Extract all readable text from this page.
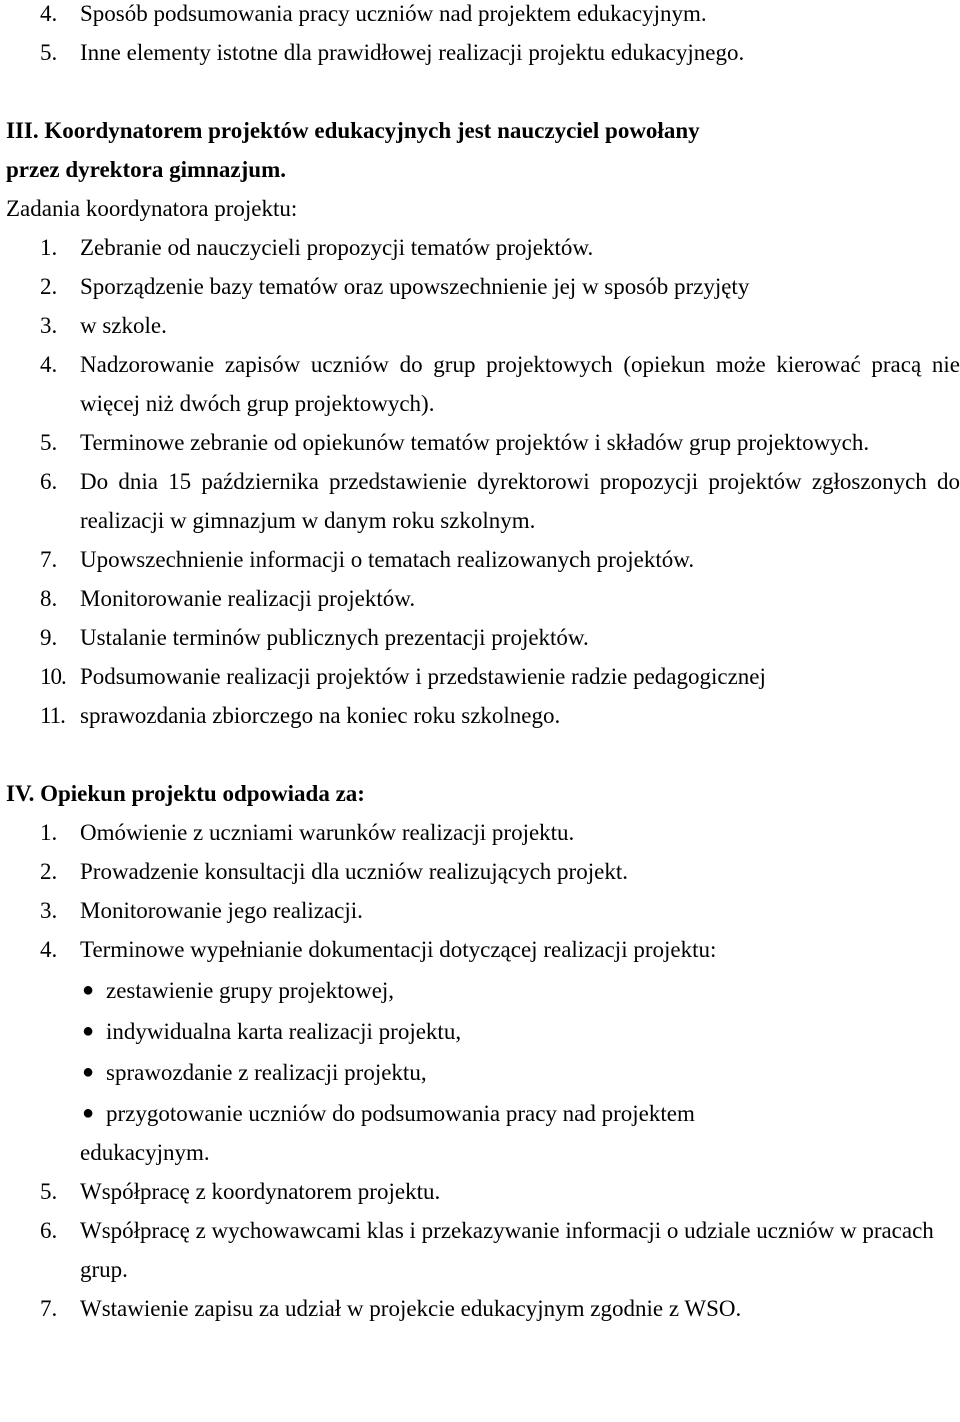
4. Sposób podsumowania pracy uczniów nad projektem edukacyjnym.
5. Inne elementy istotne dla prawidłowej realizacji projektu edukacyjnego.
III. Koordynatorem projektów edukacyjnych jest nauczyciel powołany
przez dyrektora gimnazjum.
Zadania koordynatora projektu:
1. Zebranie od nauczycieli propozycji tematów projektów.
2. Sporządzenie bazy tematów oraz upowszechnienie jej w sposób przyjęty
3. w szkole.
4. Nadzorowanie zapisów uczniów do grup projektowych (opiekun może kierować pracą nie więcej niż dwóch grup projektowych).
5. Terminowe zebranie od opiekunów tematów projektów i składów grup projektowych.
6. Do dnia 15 października przedstawienie dyrektorowi propozycji projektów zgłoszonych do realizacji w gimnazjum w danym roku szkolnym.
7. Upowszechnienie informacji o tematach realizowanych projektów.
8. Monitorowanie realizacji projektów.
9. Ustalanie terminów publicznych prezentacji projektów.
10. Podsumowanie realizacji projektów i przedstawienie radzie pedagogicznej
11. sprawozdania zbiorczego na koniec roku szkolnego.
IV. Opiekun projektu odpowiada za:
1. Omówienie z uczniami warunków realizacji projektu.
2. Prowadzenie konsultacji dla uczniów realizujących projekt.
3. Monitorowanie jego realizacji.
4. Terminowe wypełnianie dokumentacji dotyczącej realizacji projektu:
● zestawienie grupy projektowej,
● indywidualna karta realizacji projektu,
● sprawozdanie z realizacji projektu,
● przygotowanie uczniów do podsumowania pracy nad projektem
edukacyjnym.
5. Współpracę z koordynatorem projektu.
6. Współpracę z wychowawcami klas i przekazywanie informacji o udziale uczniów w pracach grup.
7. Wstawienie zapisu za udział w projekcie edukacyjnym zgodnie z WSO.
